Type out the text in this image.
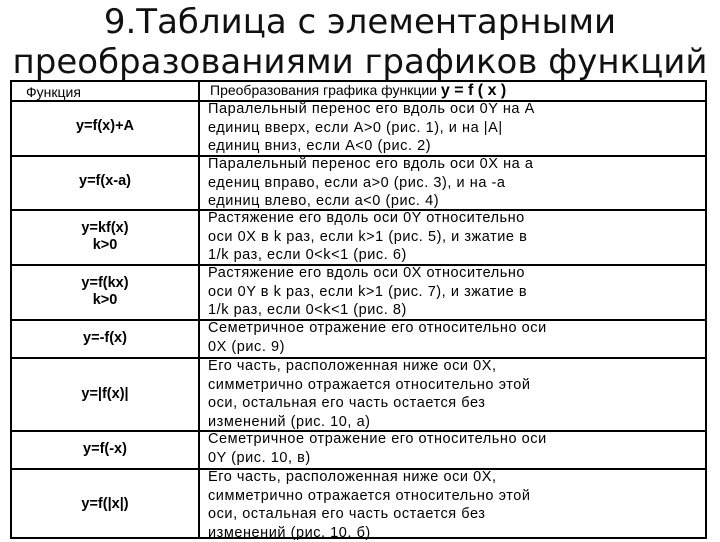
9.Таблица с элементарными
преобразованиями графиков функций
Функция	Преобразования графика функции y = f ( x )
y=f(x)+A
Паралельный перенос его вдоль оси 0Y на A
единиц вверх, если A>0 (рис. 1), и на |A|
единиц вниз, если A<0 (рис. 2)
y=f(x-a)
Паралельный перенос его вдоль оси 0X на a
едениц вправо, если a>0 (рис. 3), и на -a
единиц влево, если a<0 (рис. 4)
y=kf(x)
k>0
Растяжение его вдоль оси 0Y относительно
оси 0X в k раз, если k>1 (рис. 5), и зжатие в
1/k раз, если 0<k<1 (рис. 6)
y=f(kx)
k>0
Растяжение его вдоль оси 0X относительно
оси 0Y в k раз, если k>1 (рис. 7), и зжатие в
1/k раз, если 0<k<1 (рис. 8)
y=-f(x)
Семетричное отражение его относительно оси
0X (рис. 9)
y=|f(x)|
Его часть, расположенная ниже оси 0X,
симметрично отражается относительно этой
оси, остальная его часть остается без
изменений (рис. 10, а)
y=f(-x)
Семетричное отражение его относительно оси
0Y (рис. 10, в)
y=f(|x|)
Его часть, расположенная ниже оси 0X,
симметрично отражается относительно этой
оси, остальная его часть остается без
изменений (рис. 10, б)
